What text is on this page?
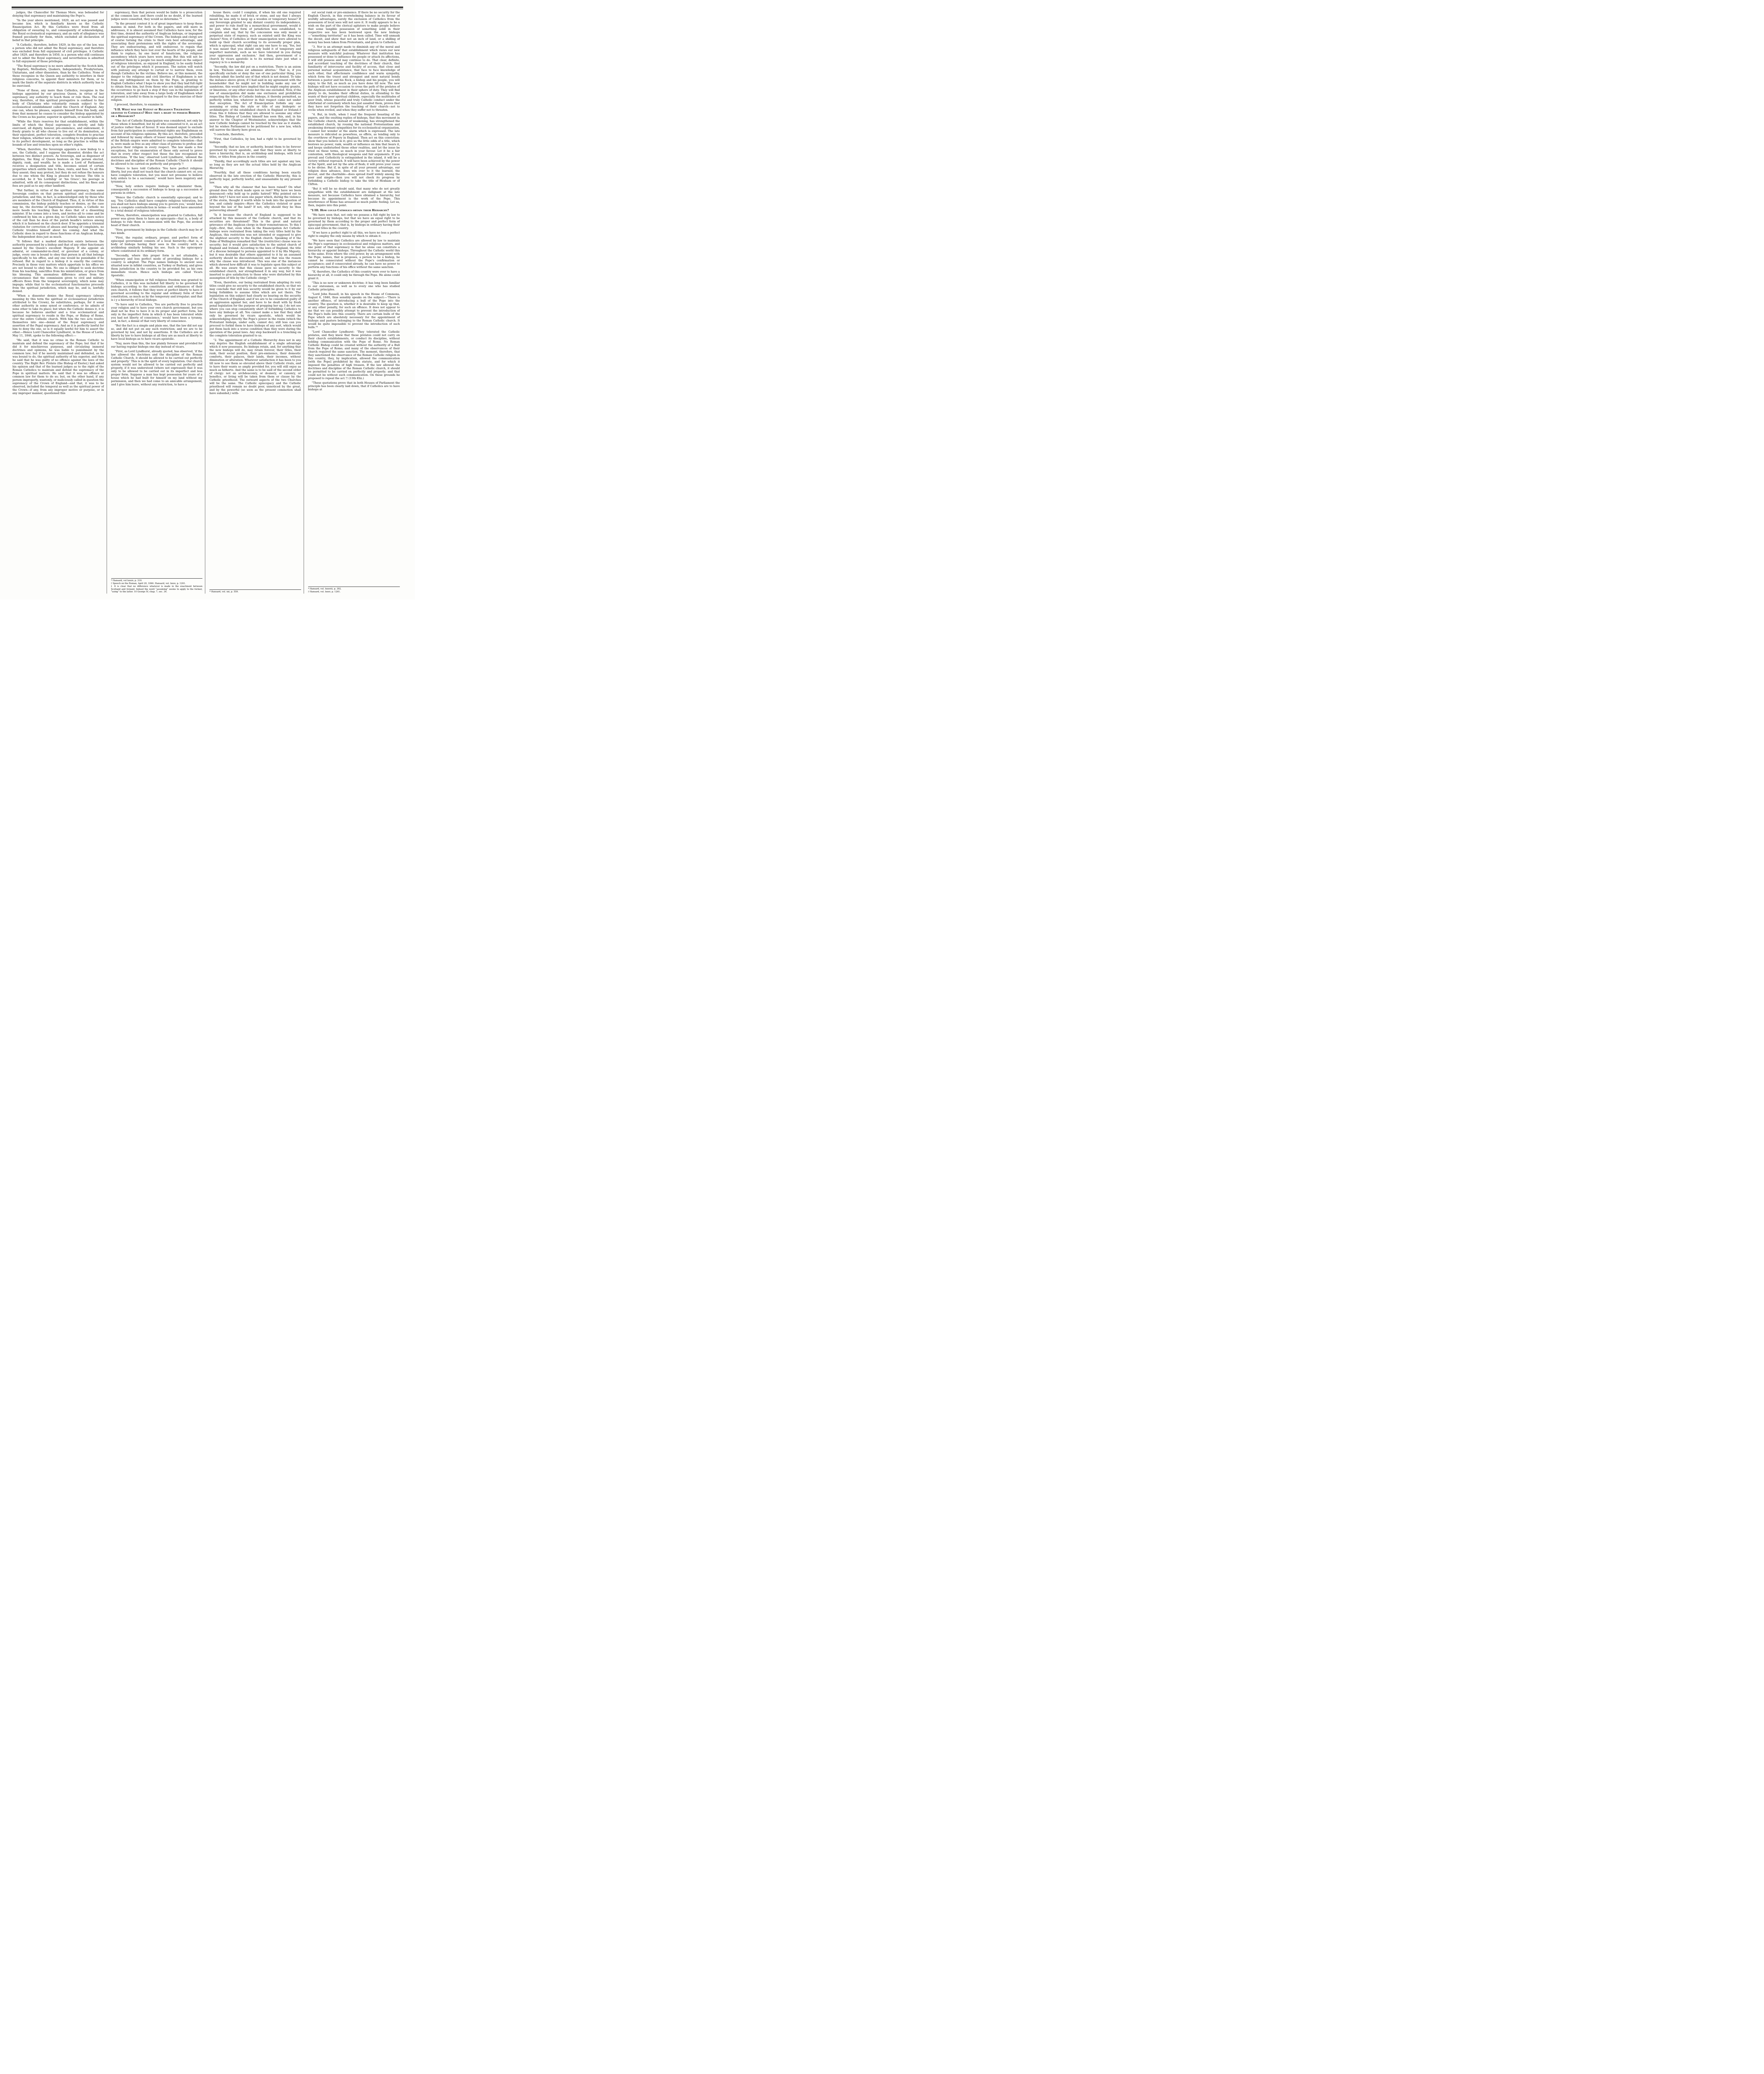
judges, the Chancellor Sir Thomas More, was beheaded for denying that supremacy and maintaining the Pope's.

“In the year above mentioned, 1829, an act was passed and became law, which is familiarly known as the Catholic Emancipation Act. By this Catholics were freed from all obligation of swearing to, and consequently of acknowledging, the Royal ecclesiastical supremacy, and an oath of allegiance was framed peculiarly for them, which excluded all declaration of belief in that principle.

“A Catholic, therefore, before 1829, in the eye of the law, was a person who did not admit the Royal supremacy, and therefore was excluded from full enjoyment of civil privileges. A Catholic after 1829, and therefore in 1850, is a person who still continues not to admit the Royal supremacy, and nevertheless is admitted to full enjoyment of those privileges.

“The Royal supremacy is no more admitted by the Scotch kirk, by Baptists, Methodists, Quakers, Independents, Presbyterians, Unitarians, and other dissenters, than by the Catholics. None of these recognize in the Queen any authority to interfere in their religious concerns, to appoint their ministers for them, or to mark the limits of the separate districts in which authority has to be exercised.

“None of these, any more than Catholics, recognise in the bishops appointed by our gracious Queen, in virtue of her supremacy, any authority to teach them or rule them. The real way, therefore, of this spiritual prerogative is confined to that body of Christians who voluntarily remain subject to the ecclesiastical establishment called the Church of England. Any one can, when he pleases, separate himself from this body, and from that moment he ceases to consider the bishop appointed by the Crown as his pastor, superior in spirituals, or master in faith.

“While the State reserves for that establishment, within the limits of which the Royal supremacy is strictly and fully exercised, all dignity, honour, pre-eminence, and endowment, it freely grants to all who choose to live out of its domination, as their equivalent, perfect toleration, complete freedom to practise their religion, whether new or old, according to its principles and to its perfect development, so long as the practise is within the bounds of law and trenches upon no other's rights.

“When, therefore, the Sovereign appoints a new bishop to a see, the Catholic, and I suppose the dissenter, divides the act between two distinct powers. As Sovereign, and as dispenser of dignities, the King or Queen bestows on the person elected, dignity, rank, and wealth; he is made a Lord of Parliament, receives a designation and title, becomes seised of certain properties which entitle him to fines, rents, and fees. To all this they assent; they may protest, but they do not refuse the honours due to one whom the King is pleased to honour. The title is accorded, be it ‘his Lordship’ or ‘his Grace’; his peerage is admitted, with all its consequent distinctions, and his fines and fees are paid as to any other landlord.

“But further, in virtue of the spiritual supremacy, the same Sovereign confers on that person spiritual and ecclesiastical jurisdiction; and this, in fact, is acknowledged only by those who are members of the Church of England. Thus, if, in virtue of this commission, the bishop publicly teaches or denies, as the case may be, the doctrine of baptismal regeneration, a Catholic no more heeds his teaching than he does that of a dissenting minister. If he comes into a town, and invites all to come and be confirmed by him on a given day, no Catholic takes more notice of the call than he does of the parish beadle's notices among which it is fastened on the church door. If he appoints a triennial visitation for correction of abuses and hearing of complaints, no Catholic troubles himself about his coming. And what the Catholic does in regard to these functions of an Anglican bishop, the Independent does just as much.

“It follows that a marked distinction exists between the authority possessed by a bishop and that of any other functionary named by the Queen's excellent Majesty. If she appoint an admiral, or commander-in-chief, or governor of a colony, or judge, every one is bound to obey that person in all that belongs specifically to his office, and any one would be punishable if he refused. But in regard to a bishop it is exactly the contrary. Precisely in those very matters which appertain to his office we are not bound to obey him. No one is obliged to seek doctrine from his teaching, sanctifice from his ministration, or grace from his blessing. This anomalous difference arises from the circumstance that the commission given to civil and military officers flows from the temporal sovereignty, which none may impugn; while that to the ecclesiastical functionaries proceeds from the spiritual jurisdiction, which may be, and is, lawfully denied.

“When a dissenter denies the Royal supremacy (always meaning by this term the spiritual or ecclesiastical jurisdiction attributed to the Crown), he substitutes, perhaps, for it some other authority in some synod or conference, or he admits of none other to take its place; but when the Catholic denies it, it is because he believes another and a true ecclesiastical and spiritual supremacy to reside in the Pope, or Bishop of Rome, over the entire Catholic church. With him the two acts resolve themselves into one—denial of the Royal supremacy and assertion of the Papal supremacy. And as it is perfectly lawful for him to deny the one, so is it equally lawful for him to assert the other.—Hence Lord Chancellor Lyndhurst, in the House of Lords, May 11, 1846, spoke to the following effect:—

“He said, that it was no crime in the Roman Catholic to maintain and defend the supremacy of the Pope; but that if he did it for mischievous purposes, and circulating immoral doctrines and opinions, he was liable to punishment by the common law; but if he merely maintained and defended, as he was bound to do, the spiritual authority of his superior, and then he said that he was guilty of no offence against the laws of the country. The Right Rev. Prelate (the Bishop of Exeter,) had asked his opinion and that of the learned judges as to the right of the Roman Catholics to maintain and defend the supremacy of the Pope in spiritual matters. He said that it was no offence at common law for them to do so; but, on the other hand, if any person improperly, wantonly, or maliciously called in question the supremacy of the Crown of England—and that, it was to be observed, included the temporal as well as the spiritual power of the Crown—if any, from any improper motive or purpose, or in any improper manner, questioned this

supremacy, then that person would be liable to a prosecution at the common law; and there could be no doubt, if the learned judges were consulted, they would so determine.”*

“In the present contest it is of great importance to keep these maxims in mind. For both in the papers, and still more in addresses, it is almost assumed that Catholics have now, for the first time, denied the authority of Anglican bishops, or impugned the spiritual supremacy of the Crown. The bishops and clergy are of course turning the crisis to their own best advantage, and associating their pretensions with the rights of the sovereign. They are endeavouring, and will endeavour, to regain that influence which they have lost over the hearts of the people, and think to replace, by one burst of fanaticism, the religious ascendency which years have worn away. But this will not be permitted them by a people too much enlightened on the subject of religious toleration, as enjoyed in England, to be easily fooled out of the privileges which it possesses. The nation will watch with jealousy any attempt to curtail or to narrow them, even though Catholics be the victims. Believe me, at this moment, the danger to the religious and civil liberties of Englishmen is not from any infringement on them by the Pope, in granting to English Catholics what I hope to show you that they had full right to obtain from him, but from those who are taking advantage of the occurrence to go back a step if they can in the legislation of toleration, and take away from a large body of Englishmen what at present is lawful to them in regard to the free exercise of their religion.

I proceed, therefore, to examine in

“§ II. What was the Extent of Religious Toleration granted to Catholics? Have they a right to possess Bishops or a Hierarchy?

“The Act of Catholic Emancipation was considered, not only by those whom it benefited, but by all who consented to it, as an act of justice rather than of favour. It was deemed unjust to exclude from fair participation in constitutional rights any Englishman on account of his religious opinions. By this act, therefore, preceded and followed by many others of lesser magnitude, the Catholics of the British empire were admitted to complete toleration—that is, were made as free as any other class of persons to profess and practice their religion in every respect. The law made a few exceptions, but the enumeration of these only served to prove that in every other respect but these the law recognised no restrictions. ‘If the law,’ observed Lord Lyndhurst, ‘allowed the doctrines and discipline of the Roman Catholic Church it should be allowed to be carried on perfectly and properly.’†

“Hence to have told Catholics ‘You have perfect religious liberty, but you shall not teach that the church cannot err; or, you have complete toleration, but you must not presume to believe holy orders to be a sacrament,’ would have been nugatory and tyrannical.

“Now, holy orders require bishops to administer them, consequently a succession of bishops to keep up a succession of persons in orders.

“Hence the Catholic church is essentially episcopal; and to say, ‘You Catholics shall have complete religious toleration, but you shall not have bishops among you to govern you,’ would have been a complete contradiction in terms—it would have amounted to a total denial of religious toleration.

“When, therefore, emancipation was granted to Catholics, full power was given them to have an episcopate—that is, a body of bishops to rule them in communion with the Pope, the avowed head of their church.

“Now, government by bishops in the Catholic church may be of two kinds.

“First, the regular, ordinary, proper, and perfect form of episcopal government consists of a local hierarchy—that is, a body of bishops having their sees in the country with an archbishop similarly holding his see. Such is the episcopacy where constituted in its ordinary form.

“Secondly, where this proper form is not attainable, a temporary and less perfect mode of providing bishops for a country is adopted. The Pope names bishops to ancient sees situated now in infidel countries, as Turkey or Barbary, and gives them jurisdiction in the country to be provided for, as his own immediate vicars. Hence such bishops are called Vicars Apostolic.

“When emancipation or full religious freedom was granted to Catholics, it in this was included full liberty to be governed by bishops according to the constitution and ordinances of their own church, it follows that they were at perfect liberty to have it governed according to the regular and ordinary form of their constitution, as much as by the temporary and irregular; and that is i y a hierarchy of local bishops.

“To have said to Catholics, ‘You are perfectly free to practise your religion and to have your own church government, but you shall not be free to have it in its proper and perfect form, but only in the imperfect form in which it has been tolerated while you had not liberty of conscience,’ would have been a tyranny, and, in fact, a denial of that very liberty of conscience.

“But the fact is a simple and plain one, that the law did not say so, and did not put on any such restriction; and we are to be governed by law, and not by assertions. It the Catholics are at liberty by law to have bishops at all they are as much at liberty to have local bishops as to have vicars apostolic.

“Nay, more than this, the law plainly foresaw and provided for our having regular bishops one day instead of vicars.

“First, as Lord Lyndhurst, already quoted, has observed, ‘if the law allowed the doctrines and the discipline of the Roman Catholic Church, it should be allowed to be carried out perfectly and properly.’ This is in the spirit of every legislation. Our church system would not be allowed to be carried out perfectly and properly, if it was understood (where not expressed) that it was only to be allowed to be carried out in its imperfect and less proper form. Suppose a man has kept possession for years of a house which he had built for himself on my land without my permission, and then we had come to an amicable arrangement, and I give him leave, without any restriction, to have a

* Hansard, vol lxxxiv, p. 310.

† Speech on the Roman, April 20, 1846. Hansard, vol. lxxxv, p. 1261.

‡ It is clear that no difference whatever is made in the enactment between Scotland and Ireland. Indeed the word “assuming” seems to apply to the former, “using” to the latter. 10 George IV, chap. 7, sec. 34.

house there; could I complain, if when his old one required rebuilding, he made it of brick or stone, and say that I always meant he was only to keep up a wooden or temporary house? If any Sovereign granted to any distant country its independence, and power to rule itself by a monarchical government, would it be just, when that form of jurisdiction was established, to complain and say, that by the concession was only meant a perpetual state of regency, such as existed until the King was chosen? Now, if Catholics at their emancipation were allowed to build up their church according to its avowedly proper plan, which is episcopal, what right can any one have to say, ‘Yes, but it was meant that you should only build it of temporary and imperfect materials, such as we have tolerated in you during your oppression and exclusion.’ And then, government of a church by vicars apostolic is to its normal state just what a regency is to a monarchy.

“Secondly, the law did put on a restriction. There is an axiom in law, ‘Exclusio unius est admissio alterius.’ That is, if you specifically exclude or deny the use of one particular thing, you thereby admit the lawful use of that which is not denied. To take the instance above given; if I had said in my agreement with the householder that he might not in building make any use of sandstone, this would have implied that he might employ granite, or limestone, or any other stone but the one excluded. Now, if the law of emancipation did make one exclusion and prohibition respecting the titles of Catholic bishops, it thereby permitted, as perfectly within law, whatever in that respect came not under that exception. The Act of Emancipation forbids any one assuming or using the style or title of any bishopric or archbishopric of the established church in England or Ireland.‡ From this it follows that they are allowed to assume any other titles. The Bishop of London himself has seen this, and, in his answer to the Chapter of Westminster, acknowledges that the new Catholic bishops cannot be touched by the law as it stands; but he wishes Parliament to be petitioned for a new law, which will narrow the liberty here given us.

“I conclude, therefore,

“First, that Catholics, by law, had a right to be governed by bishops.

“Secondly, that no law, or authority, bound them to be forever governed by vicars apostolic, and that they were at liberty to have a hierarchy, that is, an archbishop and bishops, with local titles, or titles from places in the country.

“Thirdly, that accordingly such titles are not against any law, so long as they are not the actual titles held by the Anglican Hierarchy.

“Fourthly, that all these conditions having been exactly observed in the late erection of the Catholic Hierarchy, this is perfectly legal, perfectly lawful, and unassailable by any present law.

“Then why all the clamour that has been raised? On what ground does the attack made upon us rest? Why have we been denounced—why held up to public hatred? Why pointed out to public fury? I have not seen one paper which, during the violence of the storm, thought it worth while to look into the question of law, and calmly inquire—Have the Catholics violated or gone beyond the law of the land? If not, why should they be thus persevering abused?

“Is it because the church of England is supposed to be attacked by this measure of the Catholic church, and that its securities are threatened? This is the great and natural grievance of the Anglican clergy in their remonstrances. To this I reply—first, that, even when in the Emancipation Act Catholic bishops were restrained from taking the very titles held by the Anglican, this restriction was not intended or supposed to give the slightest security to the English church. Speaking of it the Duke of Wellington remarked that ‘the (restrictive) clause was no security; but it would give satisfaction to the united church of England and Ireland. According to the laws of England, the title of a diocese belonged to persons appointed to it by His Majesty; but it was desirable that others appointed to it by an assumed authority should be discountenanced, and that was the reason why the clause was introduced. This was one of the instances which showed how difficult it was to legislate upon this subject at all. He was aware that this clause gave no security to the established church, nor strengthened it in any way, but it was inserted to give satisfaction to those who were disturbed by this assumption of title by the Catholic clergy.’*

“Even, therefore, our being restrained from adopting its very titles could give no security to the established church; so that we may conclude that still less security would be given to it by our being forbidden to assume titles which are not theirs. The legislation on this subject had clearly no bearing on the security of the Church of England; and if we are to be considered guilty of an aggression against her, and have to be dealt with by fresh penal legislation for the purpose of propping her up, I do not see where you can stop consistently short of forbidding Catholics to have any bishops at all. You cannot make a law that they shall only be governed by vicars apostolic, which would be acknowledging directly the Pope's power in the realm (which the Protestant bishops, under oath, cannot do); still less can you proceed to forbid them to have bishops of any sort, which would put them back into a worse condition than they were during the operation of the penal laws. Any step backward is a trenching on the complete toleration granted to us.

“2. The appointment of a Catholic Hierarchy does not in any way deprive the English establishment of a single advantage which it now possesses. Its bishops retain, and, for anything that the new bishops will do, may retain forever, their titles, their rank, their social position, their pre-eminence, their domestic comforts, their palaces, their lands, their incomes, without diminution or alteration. Whatever satisfaction it has been to you till now to see them so elevated above their Catholic rivals, and to have their wants so amply provided for, you will still enjoy as much as hitherto. And the same is to be said of the second order of clergy: not an archdeaconry, or deanery, or canonry, or benefice, or living will be taken from them or clause by the Catholic priesthood. The outward aspects of the two Churches will be the same. The Catholic episcopacy and the Catholic priesthood will remain no doubt poor, unnoticed by the great, and by the powerful (so soon as the present commotion shall have subsided,) with-

* Hansard, vol. xxi, p. 559.

out social rank or pre-eminence. If there be no security for the English Church, in this overwhelming balance in its favour of worldly advantages, surely the exclusion of Catholics from the possession of local sees will not save it. It really appears to be a wish on the part of the clerical agitators to make people believe that some tangible possession of something solid in their respective see has been bestowed upon the new bishops—“something territorial” as it has been called. Time will unmask the deceit, and show that not an inch of land, or a shilling of money has been taken from Protestants, and given to Catholics.

“3. Nor is an attempt made to diminish any of the moral and religious safeguards of that establishment which views our new measure with watchful jealousy. Whatever that institution has possessed or done to influence the people or attach its affections, it will still possess and may continue to do. That clear, definite, and accordant teaching of the doctrines of their church, that familiarity of intercourse and facility of access, that close and personal mutual acquaintance, that face to face knowledge of each other, that affectionate confidence and warm sympathy, which form the truest and strongest and most natural bonds between a pastor and his flock, a bishop and his people, you will enjoy, to the full, as much as you have done till now. The new bishops will not have occasion to cross the path of the prelates of the Anglican establishment in their sphere of duty. They will find plenty to do, besides their official duties, in attending to the wants of their poor spiritual children, especially the multitudes of poor Irish, whose peaceful and truly Catholic conduct under the whirlwind of contumely which has just assailed them, proves that they have not forgotten the teaching of their church—not to revile when reviled, and when they suffer not to threaten.

“4. But, in truth, when I read the frequent boasting of the papers, and the exulting replies of bishops, that this movement in the Catholic church, instead of weakening, has strengthened the established church, by rousing the national Protestantism and awakening dormant sympathies for its ecclesiastical organization, I cannot but wonder at the alarm which is expressed. The late measure is ridiculed as powerless, as effete, as tending only to the overthrow of Popery in England. Then act on this conviction: show that you believe in it; give us the little odds of a title, which bestows no power, rank, wealth or influence on him that bears it, and keeps undisturbed those other realities, and let the issue be tried on these terms, so much in your favour. Let it be a fair contention, with theological weapons and fair arguments. If you prevail and Catholicity is extinguished in the island, it will be a victory without reproach. It will have been achieved by the power of the Spirit, and not by the arm of flesh; it will prove your cause to be divine. But if, in spite of all your present advantage, our religion does advance, does win over to it the learned, the devout, and the charitable—does spread itself widely among the poor and simple—then you will not check its progress by forbidding a Catholic bishop to take the title of Hexham or of Clifton.

“But it will be no doubt said, that many who do not greatly sympathise with the establishment are indignant at the late measure, not because Catholics have obtained a hierarchy, but because its appointment is the work of the Pope. This interference of Rome has aroused so much public feeling. Let us, then, inquire into this point.

“§ III. How could Catholics obtain their Hierarchy?

“We have seen that, not only we possess a full right by law to be governed by bishops, but that we have an equal right to be governed by them according to the proper and perfect form of episcopal government, that is, by bishops in ordinary having their sees and titles in the country.

“If we have a perfect right to all this, we have no less a perfect right to employ the only means by which to obtain it.

“We have seen that Catholics are allowed by law to maintain the Pope's supremacy in ecclesiastical and religious matters, and one point of that supremacy is that he alone can constitute a hierarchy or appoint bishops. Throughout the Catholic world this is the same. Even where the civil power, by an arrangement with the Pope, names, that is proposes, a person to be a bishop, he cannot be consecrated without the Pope's confirmation or acceptance; and if consecrated already, he can have no power to perform any functions of his office without the same sanction.

“If, therefore, the Catholics of this country were ever to have a hierarchy at all, it could only be through the Pope. He alone could grant it.

“This is no new or unknown doctrine; it has long been familiar to our statesmen, as well as to every one who has studied Catholic principles.

“Lord John Russell, in his speech in the House of Commons, August 6, 1846, thus sensibly speaks on the subject:—‘There is another offence, of introducing a bull of the Pope into the country. The question is, whether it is desirable to keep up that, or any other penalty, for such an offence. It does not appear to me that we can possibly attempt to prevent the introduction of the Pope's bulls into this country. There are certain bulls of the Pope which are absolutely necessary for the appointment of bishops and pastors belonging to the Roman Catholic church. It would be quite impossible to prevent the introduction of such bulls.’*

“Lord Chancellor Lyndhurst: ‘They tolerated the Catholic prelates, and they knew that these prelates could not carry on their church establishments, or conduct its discipline, without holding communication with the Pope of Rome. No Roman Catholic Bishop could be created without the authority of a Bull from the Pope of Rome; and many of the observances of their church required the same sanction. The moment, therefore, that they sanctioned the observance of the Roman Catholic religion in this country, they, by implication, allowed the communication [with the Pope] prohibited by this statute, and for which it imposed the penalties of high treason. If the law allowed the doctrines and discipline of the Roman Catholic church, it should be permitted to be carried on perfectly and properly; and that could not be without such communication. On these grounds he proposed to repeal the act.’† (13th Eliz.)

“These quotations prove that in both Houses of Parliament the principle has been clearly laid down, that if Catholics are to have bishops at

* Hansard, vol. lxxxviii, p. 392.

† Hansard, vol. lxxxv, p. 1261.
